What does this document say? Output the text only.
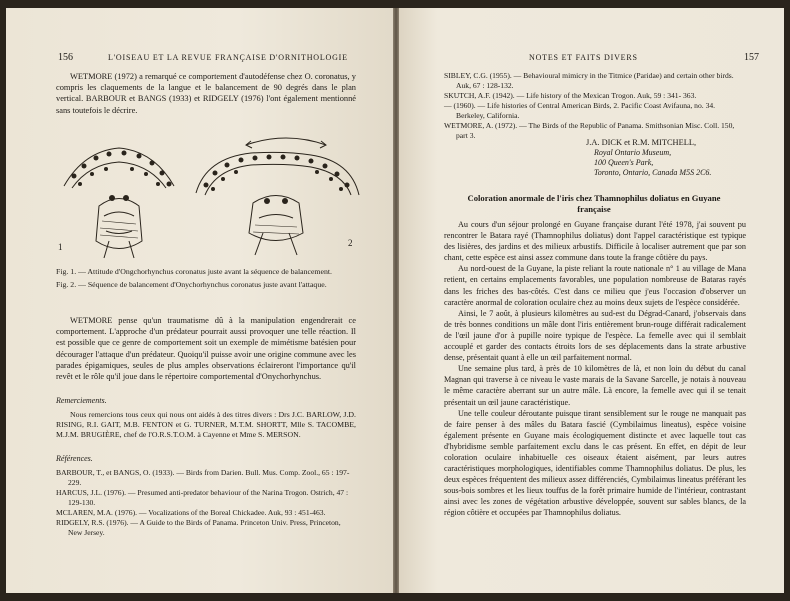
156	L'OISEAU ET LA REVUE FRANÇAISE D'ORNITHOLOGIE

WETMORE (1972) a remarqué ce comportement d'autodéfense chez O. coronatus, y compris les claquements de la langue et le balancement de 90 degrés dans le plan vertical. BARBOUR et BANGS (1933) et RIDGELY (1976) l'ont également mentionné sans toutefois le décrire.

1	2
Fig. 1. — Attitude d'Ongchorhynchus coronatus juste avant la séquence de balancement.
Fig. 2. — Séquence de balancement d'Onychorhynchus coronatus juste avant l'attaque.

WETMORE pense qu'un traumatisme dû à la manipulation engendrerait ce comportement. L'approche d'un prédateur pourrait aussi provoquer une telle réaction. Il est possible que ce genre de comportement soit un exemple de mimétisme batésien pour décourager l'attaque d'un prédateur. Quoiqu'il puisse avoir une origine commune avec les parades épigamiques, seules de plus amples observations éclaireront l'importance qu'il revêt et le rôle qu'il joue dans le répertoire comportemental d'Onychorhynchus.

Remerciements.

Nous remercions tous ceux qui nous ont aidés à des titres divers : Drs J.C. BARLOW, J.D. RISING, R.I. GAIT, M.B. FENTON et G. TURNER, M.T.M. SHORTT, Mlle S. TACOMBE, M.J.M. BRUGIÈRE, chef de l'O.R.S.T.O.M. à Cayenne et Mme S. MERSON.

Références.
BARBOUR, T., et BANGS, O. (1933). — Birds from Darien. Bull. Mus. Comp. Zool., 65 : 197-229.
HARCUS, J.L. (1976). — Presumed anti-predator behaviour of the Narina Trogon. Ostrich, 47 : 129-130.
MCLAREN, M.A. (1976). — Vocalizations of the Boreal Chickadee. Auk, 93 : 451-463.
RIDGELY, R.S. (1976). — A Guide to the Birds of Panama. Princeton Univ. Press, Princeton, New Jersey.
NOTES ET FAITS DIVERS	157
SIBLEY, C.G. (1955). — Behavioural mimicry in the Titmice (Paridae) and certain other birds. Auk, 67 : 128-132.
SKUTCH, A.F. (1942). — Life history of the Mexican Trogon. Auk, 59 : 341- 363.
— (1960). — Life histories of Central American Birds, 2. Pacific Coast Avifauna, no. 34. Berkeley, California.
WETMORE, A. (1972). — The Birds of the Republic of Panama. Smithsonian Misc. Coll. 150, part 3.
J.A. DICK et R.M. MITCHELL,
Royal Ontario Museum,
100 Queen's Park,
Toronto, Ontario, Canada M5S 2C6.
Coloration anormale de l'iris chez Thamnophilus doliatus en Guyane française

Au cours d'un séjour prolongé en Guyane française durant l'été 1978, j'ai souvent pu rencontrer le Batara rayé (Thamnophilus doliatus) dont l'appel caractéristique est typique des lisières, des jardins et des milieux arbustifs. Difficile à localiser autrement que par son chant, cette espèce est ainsi assez commune dans toute la frange côtière du pays.

Au nord-ouest de la Guyane, la piste reliant la route nationale n° 1 au village de Mana retient, en certains emplacements favorables, une population nombreuse de Bataras rayés dans les friches des bas-côtés. C'est dans ce milieu que j'eus l'occasion d'observer un caractère anormal de coloration oculaire chez au moins deux sujets de l'espèce considérée.

Ainsi, le 7 août, à plusieurs kilomètres au sud-est du Dégrad-Canard, j'observais dans de très bonnes conditions un mâle dont l'iris entièrement brun-rouge différait radicalement de l'œil jaune d'or à pupille noire typique de l'espèce. La femelle avec qui il semblait accouplé et garder des contacts étroits lors de ses déplacements dans la strate arbustive dense, présentait quant à elle un œil parfaitement normal.

Une semaine plus tard, à près de 10 kilomètres de là, et non loin du début du canal Magnan qui traverse à ce niveau le vaste marais de la Savane Sarcelle, je notais à nouveau le même caractère aberrant sur un autre mâle. Là encore, la femelle avec qui il se tenait présentait un œil jaune caractéristique.

Une telle couleur déroutante puisque tirant sensiblement sur le rouge ne manquait pas de faire penser à des mâles du Batara fascié (Cymbilaimus lineatus), espèce voisine également présente en Guyane mais écologiquement distincte et avec laquelle tout cas d'hybridisme semble parfaitement exclu dans le cas présent. En effet, en dépit de leur coloration oculaire inhabituelle ces oiseaux étaient aisément, par leurs autres caractéristiques morphologiques, identifiables comme Thamnophilus doliatus. De plus, les deux espèces fréquentent des milieux assez différenciés, Cymbilaimus lineatus préférant les sous-bois sombres et les lieux touffus de la forêt primaire humide de l'intérieur, contrastant ainsi avec les zones de végétation arbustive développée, souvent sur sables blancs, de la région côtière et occupées par Thamnophilus doliatus.
